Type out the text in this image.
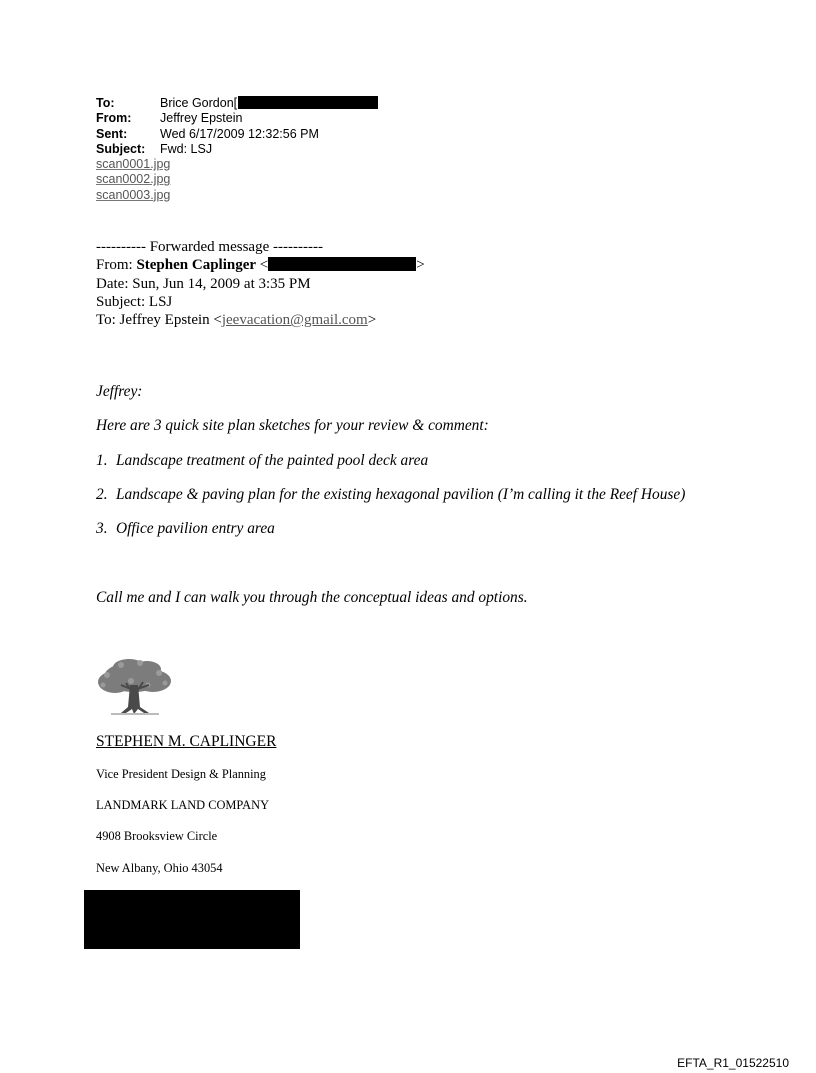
To:	Brice Gordon[
From:	Jeffrey Epstein
Sent:	Wed 6/17/2009 12:32:56 PM
Subject:	Fwd: LSJ
scan0001.jpg
scan0002.jpg
scan0003.jpg
---------- Forwarded message ----------
From: Stephen Caplinger <	>
Date: Sun, Jun 14, 2009 at 3:35 PM
Subject: LSJ
To: Jeffrey Epstein <jeevacation@gmail.com>
Jeffrey:
Here are 3 quick site plan sketches for your review & comment:
1. Landscape treatment of the painted pool deck area
2. Landscape & paving plan for the existing hexagonal pavilion (I’m calling it the Reef House)
3. Office pavilion entry area
Call me and I can walk you through the conceptual ideas and options.
STEPHEN M. CAPLINGER
Vice President Design & Planning
LANDMARK LAND COMPANY
4908 Brooksview Circle
New Albany, Ohio 43054
EFTA_R1_01522510
